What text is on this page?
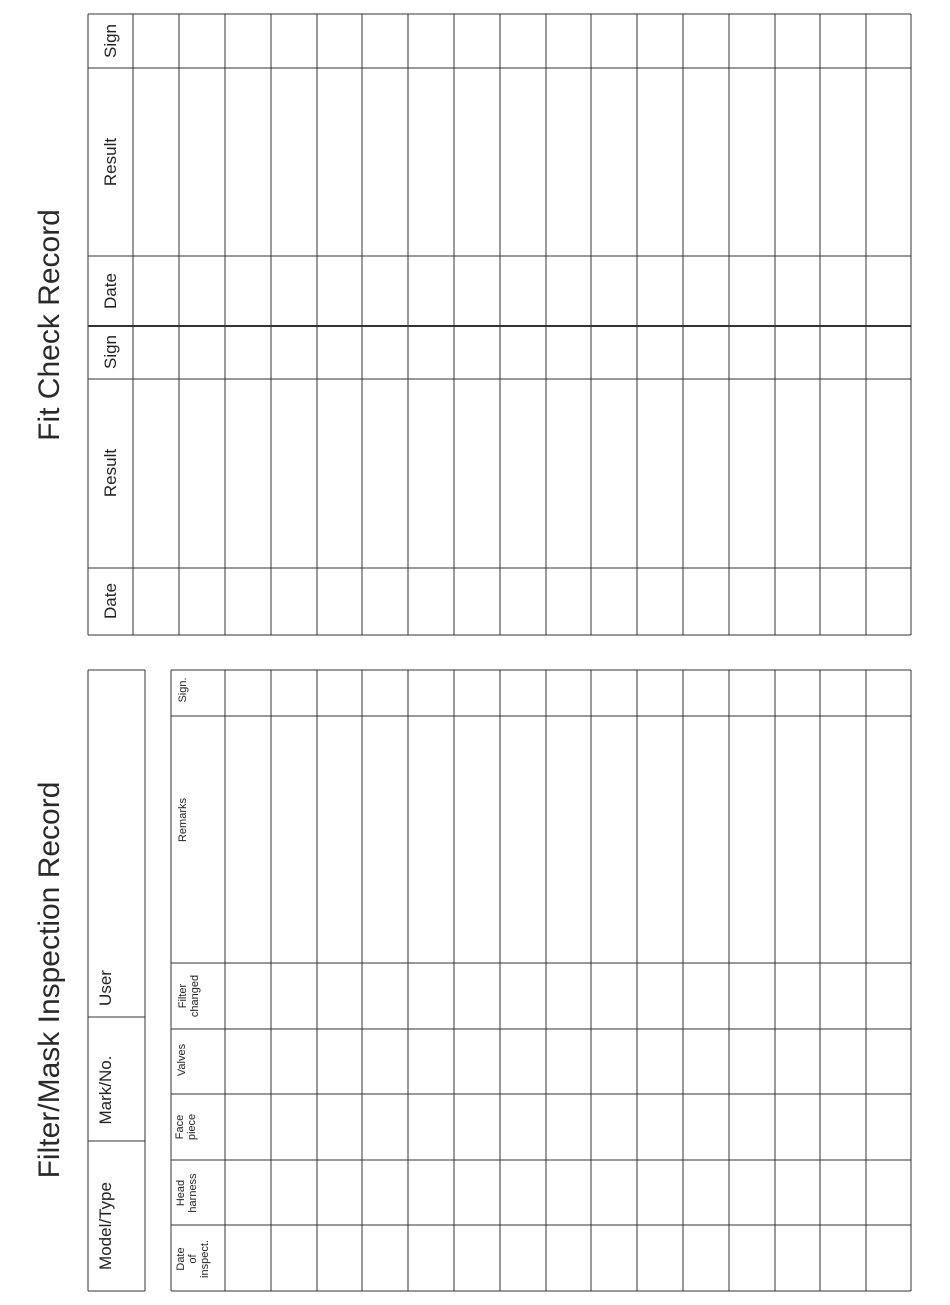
Fit Check Record
Filter/Mask Inspection Record
Sign
Result
Date
Sign
Result
Date
Model/Type
Mark/No.
User
Sign.
Remarks
Filter
changed
Valves
Face
piece
Head
harness
Date
of
inspect.
